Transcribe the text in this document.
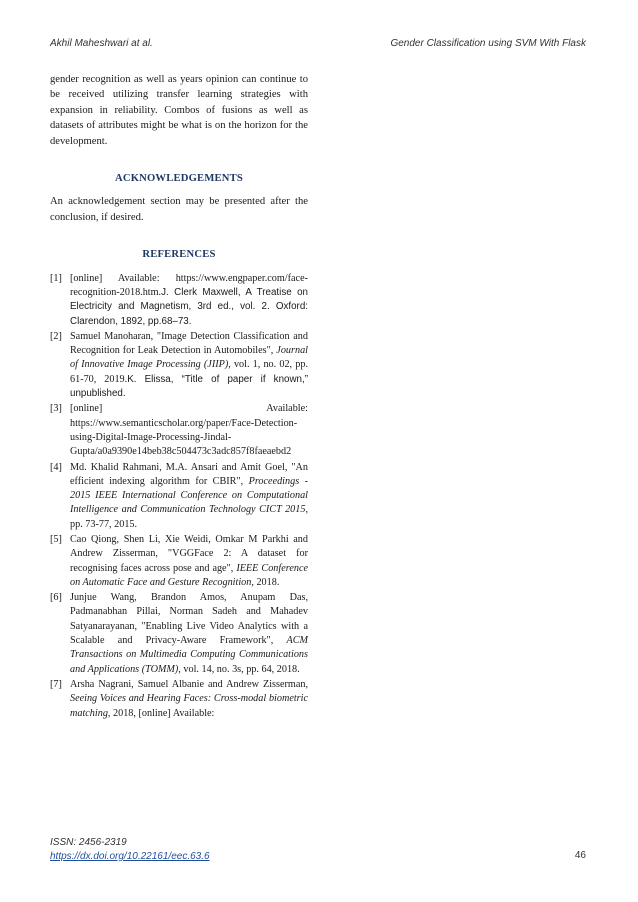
Akhil Maheshwari at al.	Gender Classification using SVM With Flask

gender recognition as well as years opinion can continue to be received utilizing transfer learning strategies with expansion in reliability. Combos of fusions as well as datasets of attributes might be what is on the horizon for the development.

ACKNOWLEDGEMENTS

An acknowledgement section may be presented after the conclusion, if desired.

REFERENCES
[1] [online] Available: https://www.engpaper.com/face-recognition-2018.htm.J. Clerk Maxwell, A Treatise on Electricity and Magnetism, 3rd ed., vol. 2. Oxford: Clarendon, 1892, pp.68–73.
[2] Samuel Manoharan, "Image Detection Classification and Recognition for Leak Detection in Automobiles", Journal of Innovative Image Processing (JIIP), vol. 1, no. 02, pp. 61-70, 2019.K. Elissa, “Title of paper if known,” unpublished.
[3] [online] Available: https://www.semanticscholar.org/paper/Face-Detection-using-Digital-Image-Processing-Jindal-Gupta/a0a9390e14beb38c504473c3adc857f8faeaebd2
[4] Md. Khalid Rahmani, M.A. Ansari and Amit Goel, "An efficient indexing algorithm for CBIR", Proceedings - 2015 IEEE International Conference on Computational Intelligence and Communication Technology CICT 2015, pp. 73-77, 2015.
[5] Cao Qiong, Shen Li, Xie Weidi, Omkar M Parkhi and Andrew Zisserman, "VGGFace 2: A dataset for recognising faces across pose and age", IEEE Conference on Automatic Face and Gesture Recognition, 2018.
[6] Junjue Wang, Brandon Amos, Anupam Das, Padmanabhan Pillai, Norman Sadeh and Mahadev Satyanarayanan, "Enabling Live Video Analytics with a Scalable and Privacy-Aware Framework", ACM Transactions on Multimedia Computing Communications and Applications (TOMM), vol. 14, no. 3s, pp. 64, 2018.
[7] Arsha Nagrani, Samuel Albanie and Andrew Zisserman, Seeing Voices and Hearing Faces: Cross-modal biometric matching, 2018, [online] Available:
ISSN: 2456-2319
https://dx.doi.org/10.22161/eec.63.6	46
